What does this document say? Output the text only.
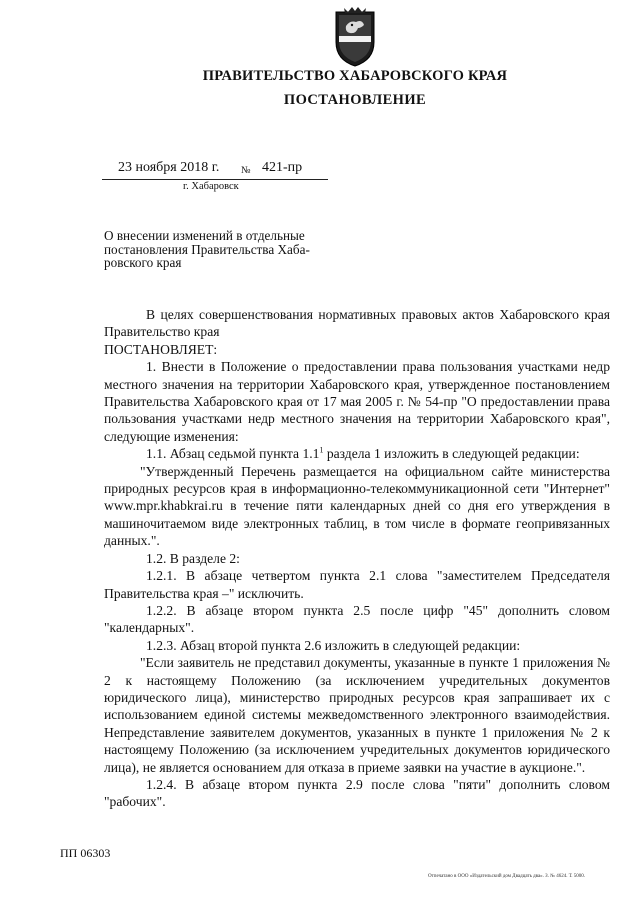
ПРАВИТЕЛЬСТВО ХАБАРОВСКОГО КРАЯ
ПОСТАНОВЛЕНИЕ
23 ноября 2018 г. № 421-пр
г. Хабаровск
О внесении изменений в отдельные
постановления Правительства Хаба-
ровского края

В целях совершенствования нормативных правовых актов Хабаровского края Правительство края

ПОСТАНОВЛЯЕТ:

1. Внести в Положение о предоставлении права пользования участками недр местного значения на территории Хабаровского края, утвержденное постановлением Правительства Хабаровского края от 17 мая 2005 г. № 54-пр "О предоставлении права пользования участками недр местного значения на территории Хабаровского края", следующие изменения:

1.1. Абзац седьмой пункта $1.1^1$ раздела 1 изложить в следующей редакции:

"Утвержденный Перечень размещается на официальном сайте министерства природных ресурсов края в информационно-телекоммуникационной сети "Интернет" www.mpr.khabkrai.ru в течение пяти календарных дней со дня его утверждения в машиночитаемом виде электронных таблиц, в том числе в формате геопривязанных данных.".

1.2. В разделе 2:

1.2.1. В абзаце четвертом пункта 2.1 слова "заместителем Председателя Правительства края –" исключить.

1.2.2. В абзаце втором пункта 2.5 после цифр "45" дополнить словом "календарных".

1.2.3. Абзац второй пункта 2.6 изложить в следующей редакции:

"Если заявитель не представил документы, указанные в пункте 1 приложения № 2 к настоящему Положению (за исключением учредительных документов юридического лица), министерство природных ресурсов края запрашивает их с использованием единой системы межведомственного электронного взаимодействия. Непредставление заявителем документов, указанных в пункте 1 приложения № 2 к настоящему Положению (за исключением учредительных документов юридического лица), не является основанием для отказа в приеме заявки на участие в аукционе.".

1.2.4. В абзаце втором пункта 2.9 после слова "пяти" дополнить словом "рабочих".

ПП 06303
Отпечатано в ООО «Издательский дом Двадцать два». З. № 4624. Т. 5000.
